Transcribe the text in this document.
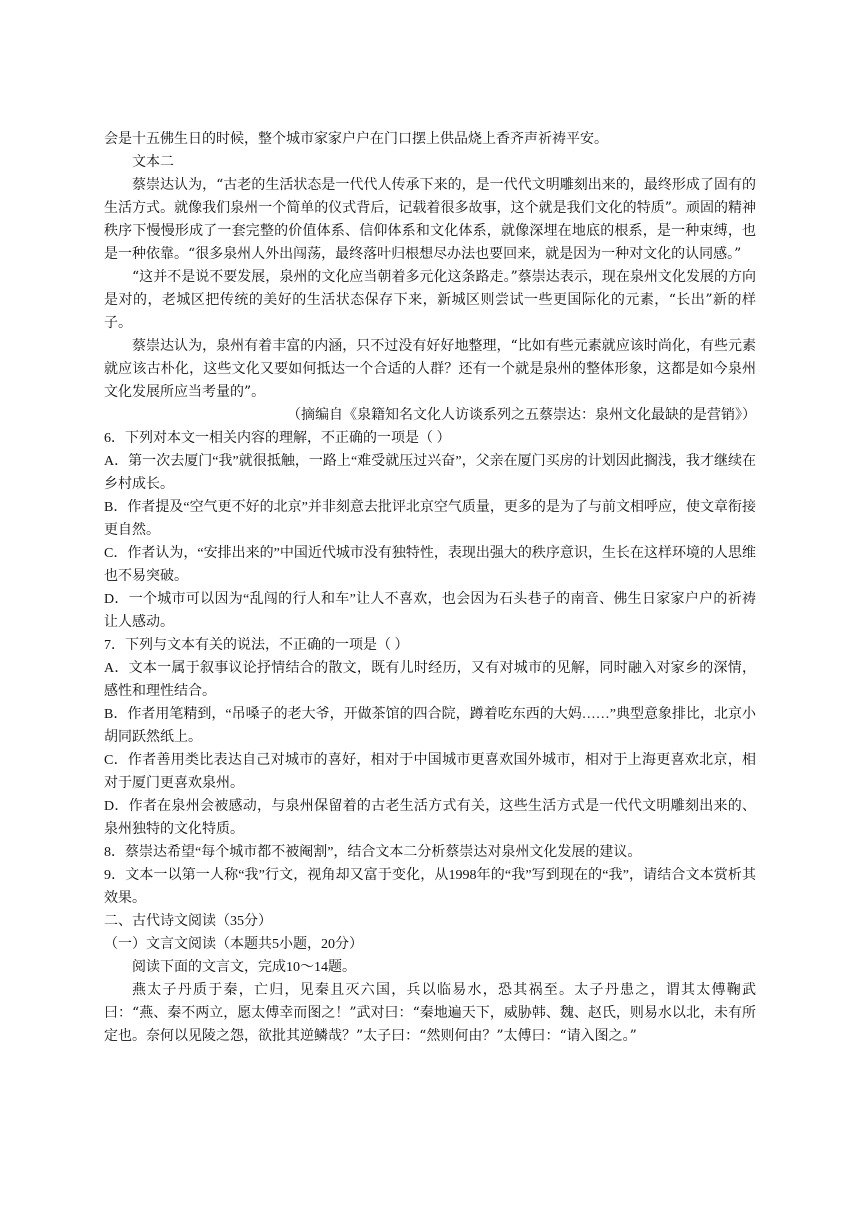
会是十五佛生日的时候，整个城市家家户户在门口摆上供品烧上香齐声祈祷平安。

文本二

蔡崇达认为，“古老的生活状态是一代代人传承下来的，是一代代文明雕刻出来的，最终形成了固有的生活方式。就像我们泉州一个简单的仪式背后，记载着很多故事，这个就是我们文化的特质”。顽固的精神秩序下慢慢形成了一套完整的价值体系、信仰体系和文化体系，就像深埋在地底的根系，是一种束缚，也是一种依靠。“很多泉州人外出闯荡，最终落叶归根想尽办法也要回来，就是因为一种对文化的认同感。”

“这并不是说不要发展，泉州的文化应当朝着多元化这条路走。”蔡崇达表示，现在泉州文化发展的方向是对的，老城区把传统的美好的生活状态保存下来，新城区则尝试一些更国际化的元素，“长出”新的样子。

蔡崇达认为，泉州有着丰富的内涵，只不过没有好好地整理，“比如有些元素就应该时尚化，有些元素就应该古朴化，这些文化又要如何抵达一个合适的人群？还有一个就是泉州的整体形象，这都是如今泉州文化发展所应当考量的”。

（摘编自《泉籍知名文化人访谈系列之五蔡崇达：泉州文化最缺的是营销》）

6．下列对本文一相关内容的理解，不正确的一项是（ ）

A．第一次去厦门“我”就很抵触，一路上“难受就压过兴奋”，父亲在厦门买房的计划因此搁浅，我才继续在乡村成长。

B．作者提及“空气更不好的北京”并非刻意去批评北京空气质量，更多的是为了与前文相呼应，使文章衔接更自然。

C．作者认为，“安排出来的”中国近代城市没有独特性，表现出强大的秩序意识，生长在这样环境的人思维也不易突破。

D．一个城市可以因为“乱闯的行人和车”让人不喜欢，也会因为石头巷子的南音、佛生日家家户户的祈祷让人感动。

7．下列与文本有关的说法，不正确的一项是（ ）

A．文本一属于叙事议论抒情结合的散文，既有儿时经历，又有对城市的见解，同时融入对家乡的深情，感性和理性结合。

B．作者用笔精到，“吊嗓子的老大爷，开做茶馆的四合院，蹲着吃东西的大妈……”典型意象排比，北京小胡同跃然纸上。

C．作者善用类比表达自己对城市的喜好，相对于中国城市更喜欢国外城市，相对于上海更喜欢北京，相对于厦门更喜欢泉州。

D．作者在泉州会被感动，与泉州保留着的古老生活方式有关，这些生活方式是一代代文明雕刻出来的、泉州独特的文化特质。

8．蔡崇达希望“每个城市都不被阉割”，结合文本二分析蔡崇达对泉州文化发展的建议。

9．文本一以第一人称“我”行文，视角却又富于变化，从1998年的“我”写到现在的“我”，请结合文本赏析其效果。

二、古代诗文阅读（35分）

（一）文言文阅读（本题共5小题，20分）

阅读下面的文言文，完成10～14题。

燕太子丹质于秦，亡归，见秦且灭六国，兵以临易水，恐其祸至。太子丹患之，谓其太傅鞠武曰：“燕、秦不两立，愿太傅幸而图之！”武对曰：“秦地遍天下，威胁韩、魏、赵氏，则易水以北，未有所定也。奈何以见陵之怨，欲批其逆鳞哉？”太子曰：“然则何由？”太傅曰：“请入图之。”
